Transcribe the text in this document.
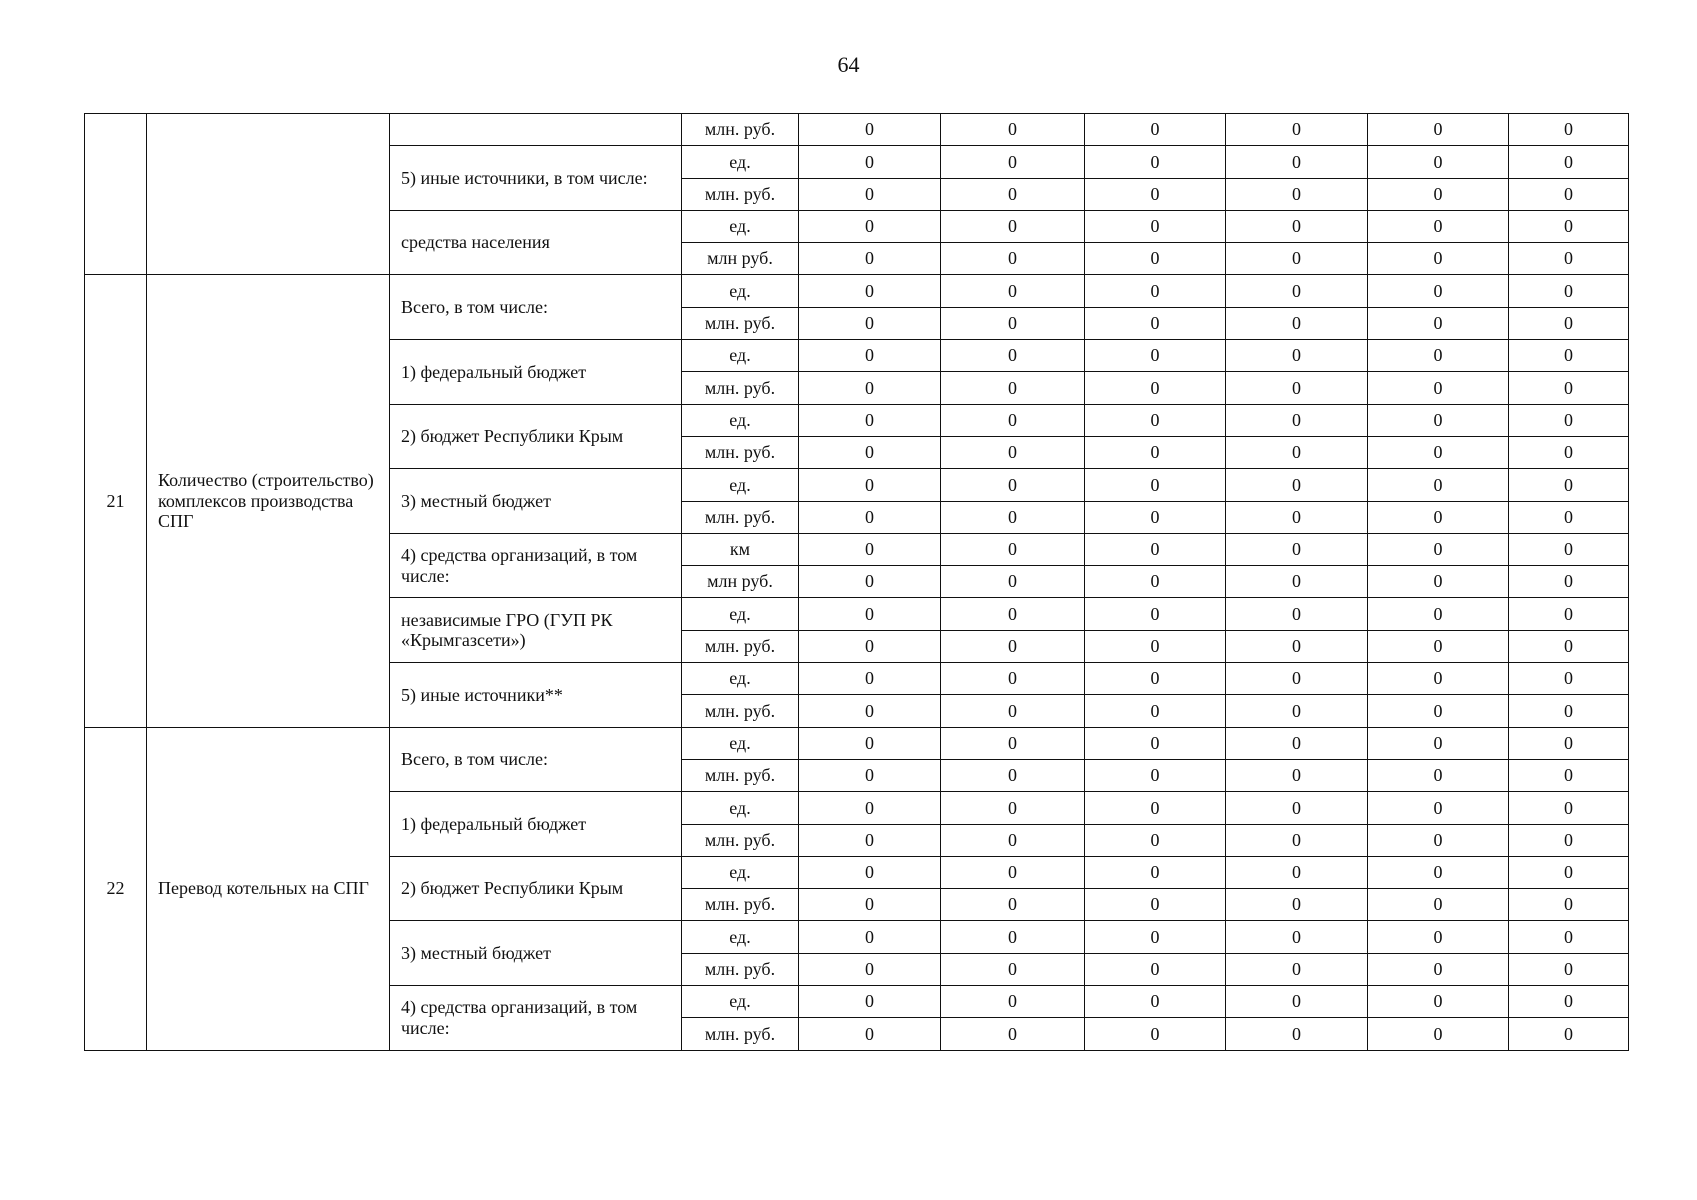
64
			млн. руб.	0	0	0	0	0	0
		5) иные источники, в том числе:	ед.	0	0	0	0	0	0
			млн. руб.	0	0	0	0	0	0
		средства населения	ед.	0	0	0	0	0	0
			млн руб.	0	0	0	0	0	0
21	Количество (строительство) комплексов производства СПГ	Всего, в том числе:	ед.	0	0	0	0	0	0
			млн. руб.	0	0	0	0	0	0
		1) федеральный бюджет	ед.	0	0	0	0	0	0
			млн. руб.	0	0	0	0	0	0
		2) бюджет Республики Крым	ед.	0	0	0	0	0	0
			млн. руб.	0	0	0	0	0	0
		3) местный бюджет	ед.	0	0	0	0	0	0
			млн. руб.	0	0	0	0	0	0
		4) средства организаций, в том числе:	км	0	0	0	0	0	0
			млн руб.	0	0	0	0	0	0
		независимые ГРО (ГУП РК «Крымгазсети»)	ед.	0	0	0	0	0	0
			млн. руб.	0	0	0	0	0	0
		5) иные источники**	ед.	0	0	0	0	0	0
			млн. руб.	0	0	0	0	0	0
22	Перевод котельных на СПГ	Всего, в том числе:	ед.	0	0	0	0	0	0
			млн. руб.	0	0	0	0	0	0
		1) федеральный бюджет	ед.	0	0	0	0	0	0
			млн. руб.	0	0	0	0	0	0
		2) бюджет Республики Крым	ед.	0	0	0	0	0	0
			млн. руб.	0	0	0	0	0	0
		3) местный бюджет	ед.	0	0	0	0	0	0
			млн. руб.	0	0	0	0	0	0
		4) средства организаций, в том числе:	ед.	0	0	0	0	0	0
			млн. руб.	0	0	0	0	0	0
